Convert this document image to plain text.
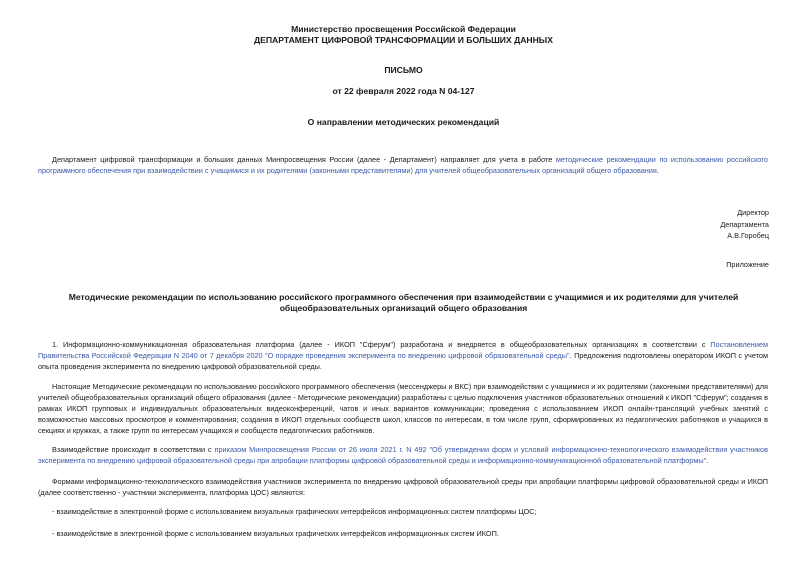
Министерство просвещения Российской Федерации
ДЕПАРТАМЕНТ ЦИФРОВОЙ ТРАНСФОРМАЦИИ И БОЛЬШИХ ДАННЫХ
ПИСЬМО
от 22 февраля 2022 года N 04-127
О направлении методических рекомендаций
Департамент цифровой трансформации и больших данных Минпросвещения России (далее - Департамент) направляет для учета в работе методические рекомендации по использованию российского программного обеспечения при взаимодействии с учащимися и их родителями (законными представителями) для учителей общеобразовательных организаций общего образования.
Директор
Департамента
А.В.Горобец
Приложение
Методические рекомендации по использованию российского программного обеспечения при взаимодействии с учащимися и их родителями для учителей
общеобразовательных организаций общего образования
1. Информационно-коммуникационная образовательная платформа (далее - ИКОП "Сферум") разработана и внедряется в общеобразовательных организациях в соответствии с Постановлением Правительства Российской Федерации N 2040 от 7 декабря 2020 "О порядке проведения эксперимента по внедрению цифровой образовательной среды". Предложения подготовлены оператором ИКОП с учетом опыта проведения эксперимента по внедрению цифровой образовательной среды.
Настоящие Методические рекомендации по использованию российского программного обеспечения (мессенджеры и ВКС) при взаимодействии с учащимися и их родителями (законными представителями) для учителей общеобразовательных организаций общего образования (далее - Методические рекомендации) разработаны с целью подключения участников образовательных отношений к ИКОП "Сферум"; создания в рамках ИКОП групповых и индивидуальных образовательных видеоконференций, чатов и иных вариантов коммуникации; проведения с использованием ИКОП онлайн-трансляций учебных занятий с возможностью массовых просмотров и комментирования; создания в ИКОП отдельных сообществ школ, классов по интересам, в том числе групп, сформированных из педагогических работников и учащихся в секциях и кружках, а также групп по интересам учащихся и сообществ педагогических работников.
Взаимодействие происходит в соответствии с приказом Минпросвещения России от 26 июля 2021 г. N 492 "Об утверждении форм и условий информационно-технологического взаимодействия участников эксперимента по внедрению цифровой образовательной среды при апробации платформы цифровой образовательной среды и информационно-коммуникационной образовательной платформы".
Формами информационно-технологического взаимодействия участников эксперимента по внедрению цифровой образовательной среды при апробации платформы цифровой образовательной среды и ИКОП (далее соответственно - участники эксперимента, платформа ЦОС) являются:
- взаимодействие в электронной форме с использованием визуальных графических интерфейсов информационных систем платформы ЦОС;
- взаимодействие в электронной форме с использованием визуальных графических интерфейсов информационных систем ИКОП.
